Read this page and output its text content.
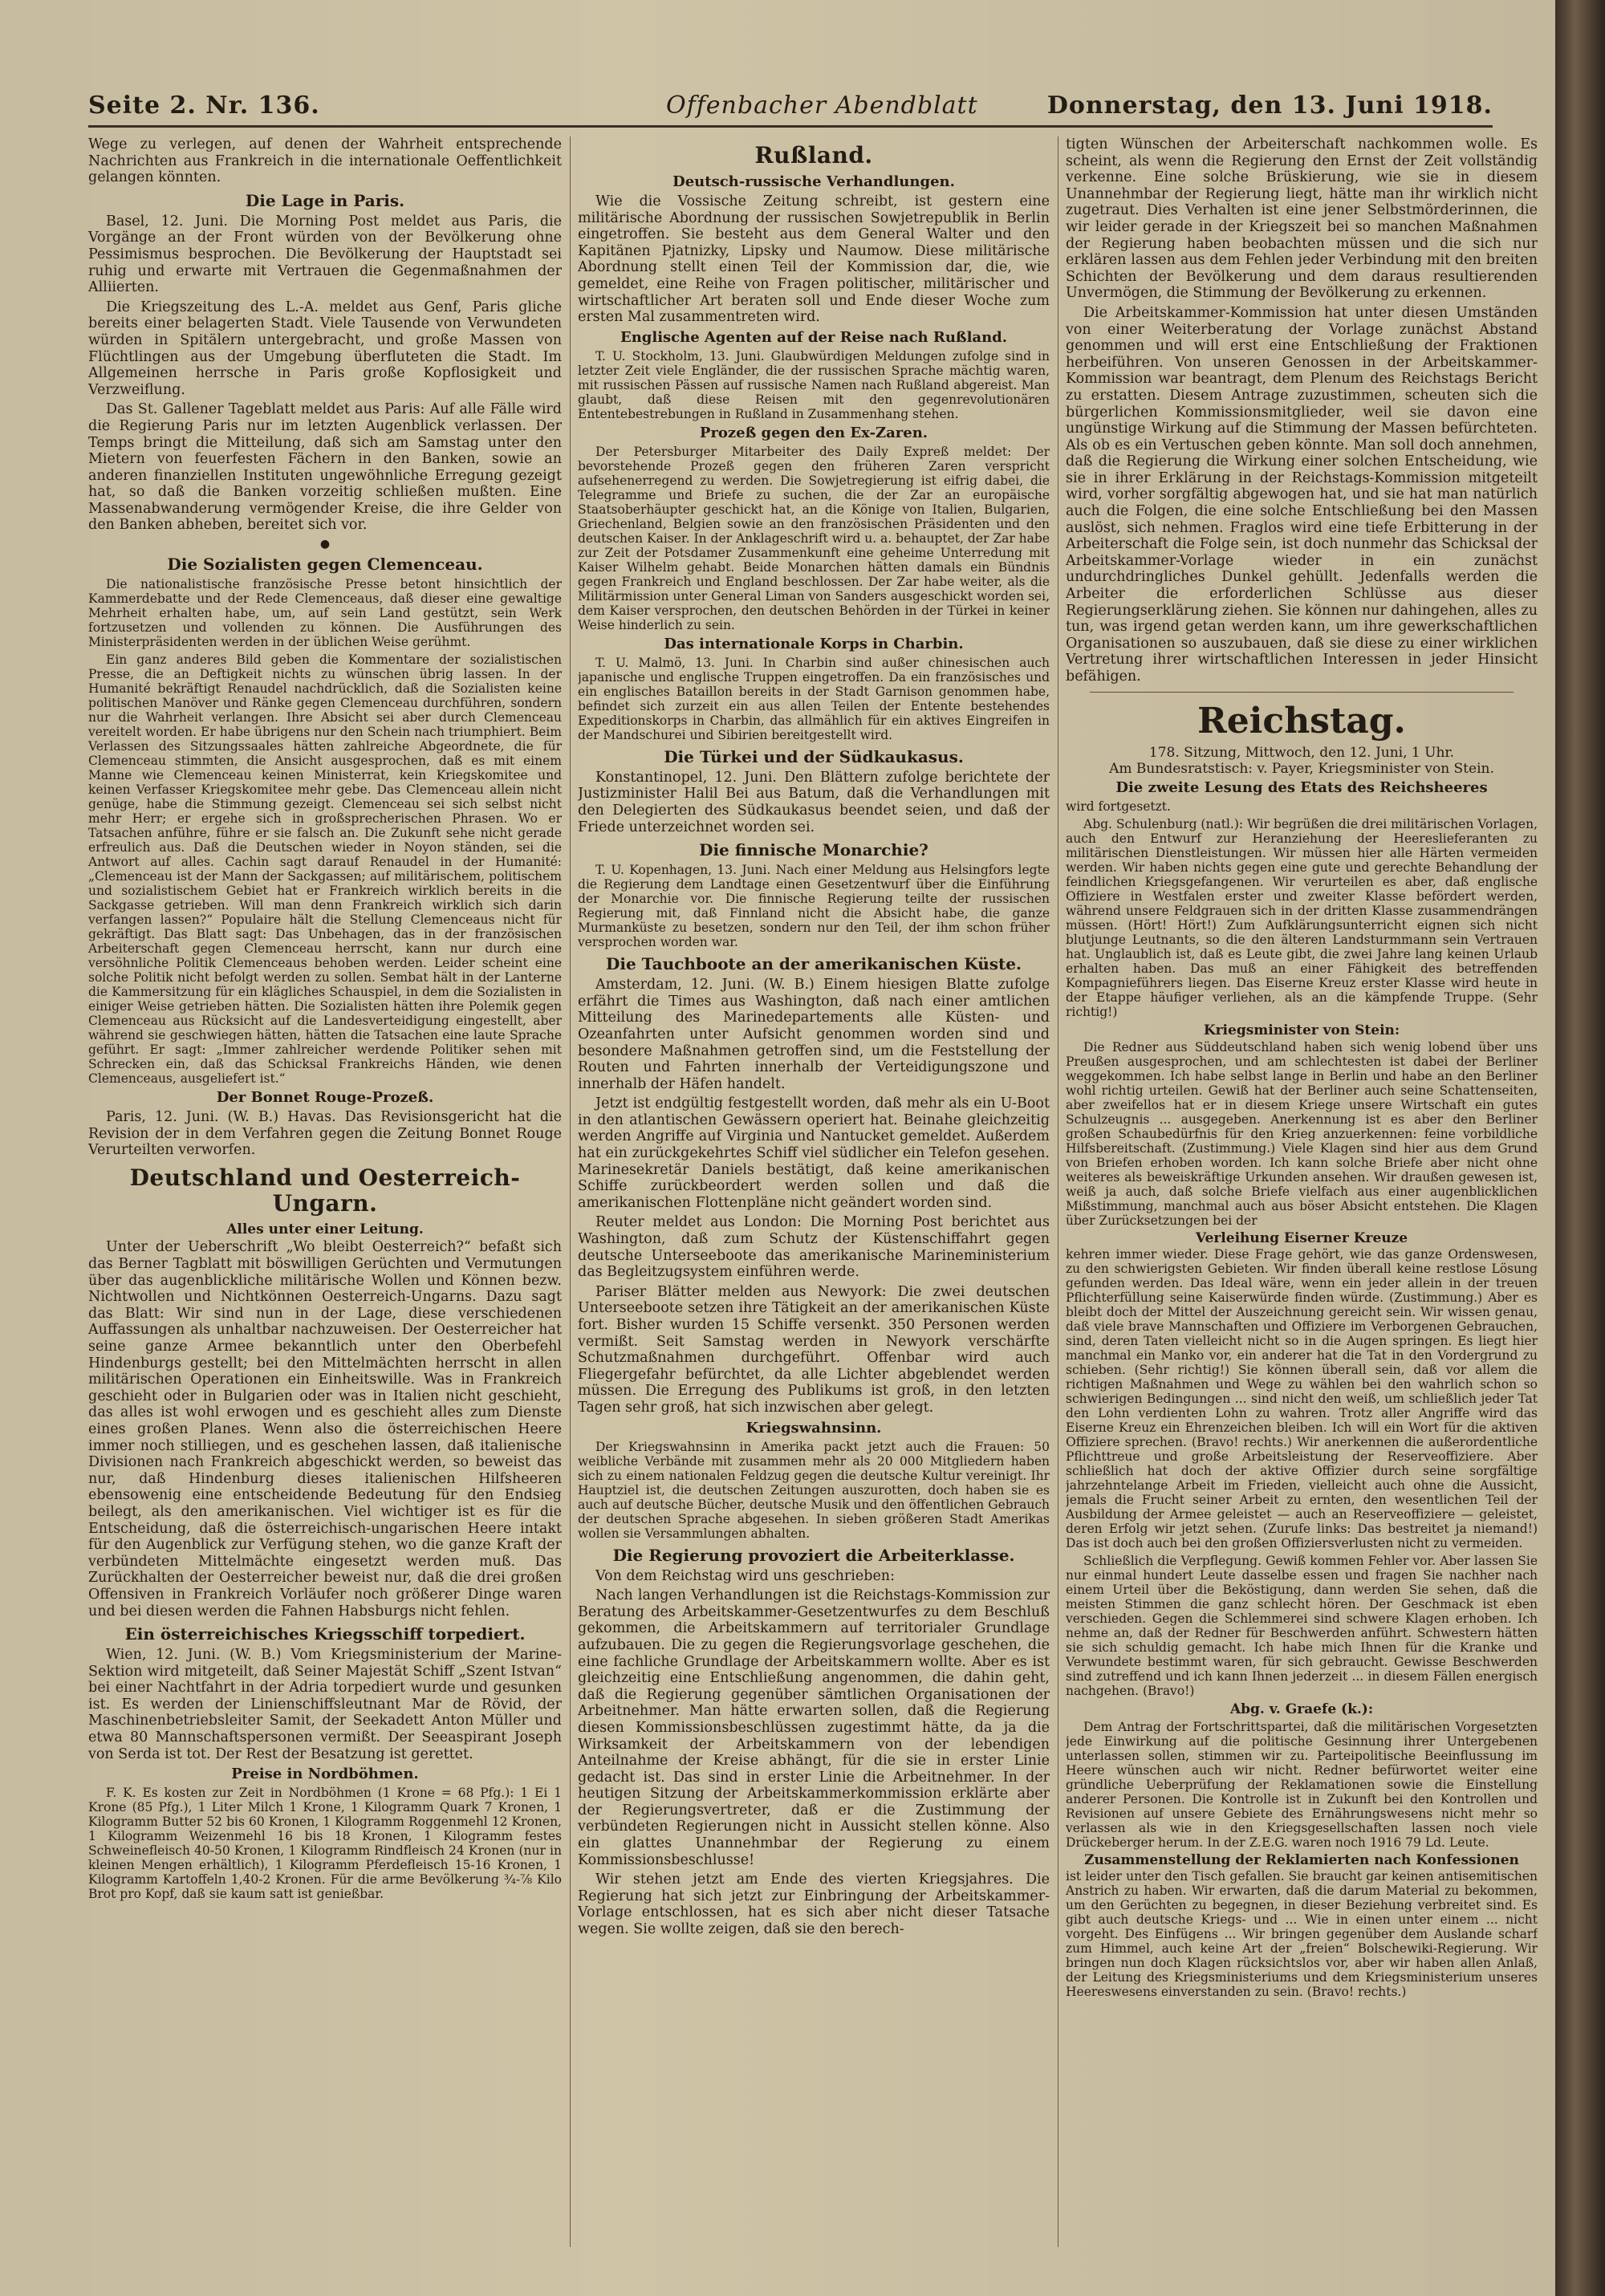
Seite 2. Nr. 136.	Offenbacher Abendblatt	Donnerstag, den 13. Juni 1918.

Wege zu verlegen, auf denen der Wahrheit entsprechende Nachrichten aus Frankreich in die internationale Oeffentlichkeit gelangen könnten.

Die Lage in Paris.

Basel, 12. Juni. Die Morning Post meldet aus Paris, die Vorgänge an der Front würden von der Bevölkerung ohne Pessimismus besprochen. Die Bevölkerung der Hauptstadt sei ruhig und erwarte mit Vertrauen die Gegenmaßnahmen der Alliierten.

Die Kriegszeitung des L.-A. meldet aus Genf, Paris gliche bereits einer belagerten Stadt. Viele Tausende von Verwundeten würden in Spitälern untergebracht, und große Massen von Flüchtlingen aus der Umgebung überfluteten die Stadt. Im Allgemeinen herrsche in Paris große Kopflosigkeit und Verzweiflung.

Das St. Gallener Tageblatt meldet aus Paris: Auf alle Fälle wird die Regierung Paris nur im letzten Augenblick verlassen. Der Temps bringt die Mitteilung, daß sich am Samstag unter den Mietern von feuerfesten Fächern in den Banken, sowie an anderen finanziellen Instituten ungewöhnliche Erregung gezeigt hat, so daß die Banken vorzeitig schließen mußten. Eine Massenabwanderung vermögender Kreise, die ihre Gelder von den Banken abheben, bereitet sich vor.

●
Die Sozialisten gegen Clemenceau.

Die nationalistische französische Presse betont hinsichtlich der Kammerdebatte und der Rede Clemenceaus, daß dieser eine gewaltige Mehrheit erhalten habe, um, auf sein Land gestützt, sein Werk fortzusetzen und vollenden zu können. Die Ausführungen des Ministerpräsidenten werden in der üblichen Weise gerühmt.

Ein ganz anderes Bild geben die Kommentare der sozialistischen Presse, die an Deftigkeit nichts zu wünschen übrig lassen. In der Humanité bekräftigt Renaudel nachdrücklich, daß die Sozialisten keine politischen Manöver und Ränke gegen Clemenceau durchführen, sondern nur die Wahrheit verlangen. Ihre Absicht sei aber durch Clemenceau vereitelt worden. Er habe übrigens nur den Schein nach triumphiert. Beim Verlassen des Sitzungssaales hätten zahlreiche Abgeordnete, die für Clemenceau stimmten, die Ansicht ausgesprochen, daß es mit einem Manne wie Clemenceau keinen Ministerrat, kein Kriegskomitee und keinen Verfasser Kriegskomitee mehr gebe. Das Clemenceau allein nicht genüge, habe die Stimmung gezeigt. Clemenceau sei sich selbst nicht mehr Herr; er ergehe sich in großsprecherischen Phrasen. Wo er Tatsachen anführe, führe er sie falsch an. Die Zukunft sehe nicht gerade erfreulich aus. Daß die Deutschen wieder in Noyon ständen, sei die Antwort auf alles. Cachin sagt darauf Renaudel in der Humanité: „Clemenceau ist der Mann der Sackgassen; auf militärischem, politischem und sozialistischem Gebiet hat er Frankreich wirklich bereits in die Sackgasse getrieben. Will man denn Frankreich wirklich sich darin verfangen lassen?“ Populaire hält die Stellung Clemenceaus nicht für gekräftigt. Das Blatt sagt: Das Unbehagen, das in der französischen Arbeiterschaft gegen Clemenceau herrscht, kann nur durch eine versöhnliche Politik Clemenceaus behoben werden. Leider scheint eine solche Politik nicht befolgt werden zu sollen. Sembat hält in der Lanterne die Kammersitzung für ein klägliches Schauspiel, in dem die Sozialisten in einiger Weise getrieben hätten. Die Sozialisten hätten ihre Polemik gegen Clemenceau aus Rücksicht auf die Landesverteidigung eingestellt, aber während sie geschwiegen hätten, hätten die Tatsachen eine laute Sprache geführt. Er sagt: „Immer zahlreicher werdende Politiker sehen mit Schrecken ein, daß das Schicksal Frankreichs Händen, wie denen Clemenceaus, ausgeliefert ist.“

Der Bonnet Rouge-Prozeß.

Paris, 12. Juni. (W. B.) Havas. Das Revisionsgericht hat die Revision der in dem Verfahren gegen die Zeitung Bonnet Rouge Verurteilten verworfen.

Deutschland und Oesterreich-Ungarn.
Alles unter einer Leitung.

Unter der Ueberschrift „Wo bleibt Oesterreich?“ befaßt sich das Berner Tagblatt mit böswilligen Gerüchten und Vermutungen über das augenblickliche militärische Wollen und Können bezw. Nichtwollen und Nichtkönnen Oesterreich-Ungarns. Dazu sagt das Blatt: Wir sind nun in der Lage, diese verschiedenen Auffassungen als unhaltbar nachzuweisen. Der Oesterreicher hat seine ganze Armee bekanntlich unter den Oberbefehl Hindenburgs gestellt; bei den Mittelmächten herrscht in allen militärischen Operationen ein Einheitswille. Was in Frankreich geschieht oder in Bulgarien oder was in Italien nicht geschieht, das alles ist wohl erwogen und es geschieht alles zum Dienste eines großen Planes. Wenn also die österreichischen Heere immer noch stilliegen, und es geschehen lassen, daß italienische Divisionen nach Frankreich abgeschickt werden, so beweist das nur, daß Hindenburg dieses italienischen Hilfsheeren ebensowenig eine entscheidende Bedeutung für den Endsieg beilegt, als den amerikanischen. Viel wichtiger ist es für die Entscheidung, daß die österreichisch-ungarischen Heere intakt für den Augenblick zur Verfügung stehen, wo die ganze Kraft der verbündeten Mittelmächte eingesetzt werden muß. Das Zurückhalten der Oesterreicher beweist nur, daß die drei großen Offensiven in Frankreich Vorläufer noch größerer Dinge waren und bei diesen werden die Fahnen Habsburgs nicht fehlen.

Ein österreichisches Kriegsschiff torpediert.

Wien, 12. Juni. (W. B.) Vom Kriegsministerium der Marine-Sektion wird mitgeteilt, daß Seiner Majestät Schiff „Szent Istvan“ bei einer Nachtfahrt in der Adria torpediert wurde und gesunken ist. Es werden der Linienschiffsleutnant Mar de Rövid, der Maschinenbetriebsleiter Samit, der Seekadett Anton Müller und etwa 80 Mannschaftspersonen vermißt. Der Seeaspirant Joseph von Serda ist tot. Der Rest der Besatzung ist gerettet.

Preise in Nordböhmen.

F. K. Es kosten zur Zeit in Nordböhmen (1 Krone = 68 Pfg.): 1 Ei 1 Krone (85 Pfg.), 1 Liter Milch 1 Krone, 1 Kilogramm Quark 7 Kronen, 1 Kilogramm Butter 52 bis 60 Kronen, 1 Kilogramm Roggenmehl 12 Kronen, 1 Kilogramm Weizenmehl 16 bis 18 Kronen, 1 Kilogramm festes Schweinefleisch 40-50 Kronen, 1 Kilogramm Rindfleisch 24 Kronen (nur in kleinen Mengen erhältlich), 1 Kilogramm Pferdefleisch 15-16 Kronen, 1 Kilogramm Kartoffeln 1,40-2 Kronen. Für die arme Bevölkerung ¾-⅞ Kilo Brot pro Kopf, daß sie kaum satt ist genießbar.

Rußland.
Deutsch-russische Verhandlungen.

Wie die Vossische Zeitung schreibt, ist gestern eine militärische Abordnung der russischen Sowjetrepublik in Berlin eingetroffen. Sie besteht aus dem General Walter und den Kapitänen Pjatnizky, Lipsky und Naumow. Diese militärische Abordnung stellt einen Teil der Kommission dar, die, wie gemeldet, eine Reihe von Fragen politischer, militärischer und wirtschaftlicher Art beraten soll und Ende dieser Woche zum ersten Mal zusammentreten wird.

Englische Agenten auf der Reise nach Rußland.

T. U. Stockholm, 13. Juni. Glaubwürdigen Meldungen zufolge sind in letzter Zeit viele Engländer, die der russischen Sprache mächtig waren, mit russischen Pässen auf russische Namen nach Rußland abgereist. Man glaubt, daß diese Reisen mit den gegenrevolutionären Ententebestrebungen in Rußland in Zusammenhang stehen.

Prozeß gegen den Ex-Zaren.

Der Petersburger Mitarbeiter des Daily Expreß meldet: Der bevorstehende Prozeß gegen den früheren Zaren verspricht aufsehenerregend zu werden. Die Sowjetregierung ist eifrig dabei, die Telegramme und Briefe zu suchen, die der Zar an europäische Staatsoberhäupter geschickt hat, an die Könige von Italien, Bulgarien, Griechenland, Belgien sowie an den französischen Präsidenten und den deutschen Kaiser. In der Anklageschrift wird u. a. behauptet, der Zar habe zur Zeit der Potsdamer Zusammenkunft eine geheime Unterredung mit Kaiser Wilhelm gehabt. Beide Monarchen hätten damals ein Bündnis gegen Frankreich und England beschlossen. Der Zar habe weiter, als die Militärmission unter General Liman von Sanders ausgeschickt worden sei, dem Kaiser versprochen, den deutschen Behörden in der Türkei in keiner Weise hinderlich zu sein.

Das internationale Korps in Charbin.

T. U. Malmö, 13. Juni. In Charbin sind außer chinesischen auch japanische und englische Truppen eingetroffen. Da ein französisches und ein englisches Bataillon bereits in der Stadt Garnison genommen habe, befindet sich zurzeit ein aus allen Teilen der Entente bestehendes Expeditionskorps in Charbin, das allmählich für ein aktives Eingreifen in der Mandschurei und Sibirien bereitgestellt wird.

Die Türkei und der Südkaukasus.

Konstantinopel, 12. Juni. Den Blättern zufolge berichtete der Justizminister Halil Bei aus Batum, daß die Verhandlungen mit den Delegierten des Südkaukasus beendet seien, und daß der Friede unterzeichnet worden sei.

Die finnische Monarchie?

T. U. Kopenhagen, 13. Juni. Nach einer Meldung aus Helsingfors legte die Regierung dem Landtage einen Gesetzentwurf über die Einführung der Monarchie vor. Die finnische Regierung teilte der russischen Regierung mit, daß Finnland nicht die Absicht habe, die ganze Murmanküste zu besetzen, sondern nur den Teil, der ihm schon früher versprochen worden war.

Die Tauchboote an der amerikanischen Küste.

Amsterdam, 12. Juni. (W. B.) Einem hiesigen Blatte zufolge erfährt die Times aus Washington, daß nach einer amtlichen Mitteilung des Marinedepartements alle Küsten- und Ozeanfahrten unter Aufsicht genommen worden sind und besondere Maßnahmen getroffen sind, um die Feststellung der Routen und Fahrten innerhalb der Verteidigungszone und innerhalb der Häfen handelt.

Jetzt ist endgültig festgestellt worden, daß mehr als ein U-Boot in den atlantischen Gewässern operiert hat. Beinahe gleichzeitig werden Angriffe auf Virginia und Nantucket gemeldet. Außerdem hat ein zurückgekehrtes Schiff viel südlicher ein Telefon gesehen. Marinesekretär Daniels bestätigt, daß keine amerikanischen Schiffe zurückbeordert werden sollen und daß die amerikanischen Flottenpläne nicht geändert worden sind.

Reuter meldet aus London: Die Morning Post berichtet aus Washington, daß zum Schutz der Küstenschiffahrt gegen deutsche Unterseeboote das amerikanische Marineministerium das Begleitzugsystem einführen werde.

Pariser Blätter melden aus Newyork: Die zwei deutschen Unterseeboote setzen ihre Tätigkeit an der amerikanischen Küste fort. Bisher wurden 15 Schiffe versenkt. 350 Personen werden vermißt. Seit Samstag werden in Newyork verschärfte Schutzmaßnahmen durchgeführt. Offenbar wird auch Fliegergefahr befürchtet, da alle Lichter abgeblendet werden müssen. Die Erregung des Publikums ist groß, in den letzten Tagen sehr groß, hat sich inzwischen aber gelegt.

Kriegswahnsinn.

Der Kriegswahnsinn in Amerika packt jetzt auch die Frauen: 50 weibliche Verbände mit zusammen mehr als 20 000 Mitgliedern haben sich zu einem nationalen Feldzug gegen die deutsche Kultur vereinigt. Ihr Hauptziel ist, die deutschen Zeitungen auszurotten, doch haben sie es auch auf deutsche Bücher, deutsche Musik und den öffentlichen Gebrauch der deutschen Sprache abgesehen. In sieben größeren Stadt Amerikas wollen sie Versammlungen abhalten.

Die Regierung provoziert die Arbeiterklasse.

Von dem Reichstag wird uns geschrieben:

Nach langen Verhandlungen ist die Reichstags-Kommission zur Beratung des Arbeitskammer-Gesetzentwurfes zu dem Beschluß gekommen, die Arbeitskammern auf territorialer Grundlage aufzubauen. Die zu gegen die Regierungsvorlage geschehen, die eine fachliche Grundlage der Arbeitskammern wollte. Aber es ist gleichzeitig eine Entschließung angenommen, die dahin geht, daß die Regierung gegenüber sämtlichen Organisationen der Arbeitnehmer. Man hätte erwarten sollen, daß die Regierung diesen Kommissionsbeschlüssen zugestimmt hätte, da ja die Wirksamkeit der Arbeitskammern von der lebendigen Anteilnahme der Kreise abhängt, für die sie in erster Linie gedacht ist. Das sind in erster Linie die Arbeitnehmer. In der heutigen Sitzung der Arbeitskammerkommission erklärte aber der Regierungsvertreter, daß er die Zustimmung der verbündeten Regierungen nicht in Aussicht stellen könne. Also ein glattes Unannehmbar der Regierung zu einem Kommissionsbeschlusse!

Wir stehen jetzt am Ende des vierten Kriegsjahres. Die Regierung hat sich jetzt zur Einbringung der Arbeitskammer-Vorlage entschlossen, hat es sich aber nicht dieser Tatsache wegen. Sie wollte zeigen, daß sie den berech-

tigten Wünschen der Arbeiterschaft nachkommen wolle. Es scheint, als wenn die Regierung den Ernst der Zeit vollständig verkenne. Eine solche Brüskierung, wie sie in diesem Unannehmbar der Regierung liegt, hätte man ihr wirklich nicht zugetraut. Dies Verhalten ist eine jener Selbstmörderinnen, die wir leider gerade in der Kriegszeit bei so manchen Maßnahmen der Regierung haben beobachten müssen und die sich nur erklären lassen aus dem Fehlen jeder Verbindung mit den breiten Schichten der Bevölkerung und dem daraus resultierenden Unvermögen, die Stimmung der Bevölkerung zu erkennen.

Die Arbeitskammer-Kommission hat unter diesen Umständen von einer Weiterberatung der Vorlage zunächst Abstand genommen und will erst eine Entschließung der Fraktionen herbeiführen. Von unseren Genossen in der Arbeitskammer-Kommission war beantragt, dem Plenum des Reichstags Bericht zu erstatten. Diesem Antrage zuzustimmen, scheuten sich die bürgerlichen Kommissionsmitglieder, weil sie davon eine ungünstige Wirkung auf die Stimmung der Massen befürchteten. Als ob es ein Vertuschen geben könnte. Man soll doch annehmen, daß die Regierung die Wirkung einer solchen Entscheidung, wie sie in ihrer Erklärung in der Reichstags-Kommission mitgeteilt wird, vorher sorgfältig abgewogen hat, und sie hat man natürlich auch die Folgen, die eine solche Entschließung bei den Massen auslöst, sich nehmen. Fraglos wird eine tiefe Erbitterung in der Arbeiterschaft die Folge sein, ist doch nunmehr das Schicksal der Arbeitskammer-Vorlage wieder in ein zunächst undurchdringliches Dunkel gehüllt. Jedenfalls werden die Arbeiter die erforderlichen Schlüsse aus dieser Regierungserklärung ziehen. Sie können nur dahingehen, alles zu tun, was irgend getan werden kann, um ihre gewerkschaftlichen Organisationen so auszubauen, daß sie diese zu einer wirklichen Vertretung ihrer wirtschaftlichen Interessen in jeder Hinsicht befähigen.

Reichstag.
178. Sitzung, Mittwoch, den 12. Juni, 1 Uhr.
Am Bundesratstisch: v. Payer, Kriegsminister von Stein.
Die zweite Lesung des Etats des Reichsheeres

wird fortgesetzt.

Abg. Schulenburg (natl.): Wir begrüßen die drei militärischen Vorlagen, auch den Entwurf zur Heranziehung der Heereslieferanten zu militärischen Dienstleistungen. Wir müssen hier alle Härten vermeiden werden. Wir haben nichts gegen eine gute und gerechte Behandlung der feindlichen Kriegsgefangenen. Wir verurteilen es aber, daß englische Offiziere in Westfalen erster und zweiter Klasse befördert werden, während unsere Feldgrauen sich in der dritten Klasse zusammendrängen müssen. (Hört! Hört!) Zum Aufklärungsunterricht eignen sich nicht blutjunge Leutnants, so die den älteren Landsturmmann sein Vertrauen hat. Unglaublich ist, daß es Leute gibt, die zwei Jahre lang keinen Urlaub erhalten haben. Das muß an einer Fähigkeit des betreffenden Kompagnieführers liegen. Das Eiserne Kreuz erster Klasse wird heute in der Etappe häufiger verliehen, als an die kämpfende Truppe. (Sehr richtig!)

Kriegsminister von Stein:

Die Redner aus Süddeutschland haben sich wenig lobend über uns Preußen ausgesprochen, und am schlechtesten ist dabei der Berliner weggekommen. Ich habe selbst lange in Berlin und habe an den Berliner wohl richtig urteilen. Gewiß hat der Berliner auch seine Schattenseiten, aber zweifellos hat er in diesem Kriege unsere Wirtschaft ein gutes Schulzeugnis ... ausgegeben. Anerkennung ist es aber den Berliner großen Schaubedürfnis für den Krieg anzuerkennen: feine vorbildliche Hilfsbereitschaft. (Zustimmung.) Viele Klagen sind hier aus dem Grund von Briefen erhoben worden. Ich kann solche Briefe aber nicht ohne weiteres als beweiskräftige Urkunden ansehen. Wir draußen gewesen ist, weiß ja auch, daß solche Briefe vielfach aus einer augenblicklichen Mißstimmung, manchmal auch aus böser Absicht entstehen. Die Klagen über Zurücksetzungen bei der

Verleihung Eiserner Kreuze

kehren immer wieder. Diese Frage gehört, wie das ganze Ordenswesen, zu den schwierigsten Gebieten. Wir finden überall keine restlose Lösung gefunden werden. Das Ideal wäre, wenn ein jeder allein in der treuen Pflichterfüllung seine Kaiserwürde finden würde. (Zustimmung.) Aber es bleibt doch der Mittel der Auszeichnung gereicht sein. Wir wissen genau, daß viele brave Mannschaften und Offiziere im Verborgenen Gebrauchen, sind, deren Taten vielleicht nicht so in die Augen springen. Es liegt hier manchmal ein Manko vor, ein anderer hat die Tat in den Vordergrund zu schieben. (Sehr richtig!) Sie können überall sein, daß vor allem die richtigen Maßnahmen und Wege zu wählen bei den wahrlich schon so schwierigen Bedingungen ... sind nicht den weiß, um schließlich jeder Tat den Lohn verdienten Lohn zu wahren. Trotz aller Angriffe wird das Eiserne Kreuz ein Ehrenzeichen bleiben. Ich will ein Wort für die aktiven Offiziere sprechen. (Bravo! rechts.) Wir anerkennen die außerordentliche Pflichttreue und große Arbeitsleistung der Reserveoffiziere. Aber schließlich hat doch der aktive Offizier durch seine sorgfältige jahrzehntelange Arbeit im Frieden, vielleicht auch ohne die Aussicht, jemals die Frucht seiner Arbeit zu ernten, den wesentlichen Teil der Ausbildung der Armee geleistet — auch an Reserveoffiziere — geleistet, deren Erfolg wir jetzt sehen. (Zurufe links: Das bestreitet ja niemand!) Das ist doch auch bei den großen Offiziersverlusten nicht zu vermeiden.

Schließlich die Verpflegung. Gewiß kommen Fehler vor. Aber lassen Sie nur einmal hundert Leute dasselbe essen und fragen Sie nachher nach einem Urteil über die Beköstigung, dann werden Sie sehen, daß die meisten Stimmen die ganz schlecht hören. Der Geschmack ist eben verschieden. Gegen die Schlemmerei sind schwere Klagen erhoben. Ich nehme an, daß der Redner für Beschwerden anführt. Schwestern hätten sie sich schuldig gemacht. Ich habe mich Ihnen für die Kranke und Verwundete bestimmt waren, für sich gebraucht. Gewisse Beschwerden sind zutreffend und ich kann Ihnen jederzeit ... in diesem Fällen energisch nachgehen. (Bravo!)

Abg. v. Graefe (k.):

Dem Antrag der Fortschrittspartei, daß die militärischen Vorgesetzten jede Einwirkung auf die politische Gesinnung ihrer Untergebenen unterlassen sollen, stimmen wir zu. Parteipolitische Beeinflussung im Heere wünschen auch wir nicht. Redner befürwortet weiter eine gründliche Ueberprüfung der Reklamationen sowie die Einstellung anderer Personen. Die Kontrolle ist in Zukunft bei den Kontrollen und Revisionen auf unsere Gebiete des Ernährungswesens nicht mehr so verlassen als wie in den Kriegsgesellschaften lassen noch viele Drückeberger herum. In der Z.E.G. waren noch 1916 79 Ld. Leute.

Zusammenstellung der Reklamierten nach Konfessionen

ist leider unter den Tisch gefallen. Sie braucht gar keinen antisemitischen Anstrich zu haben. Wir erwarten, daß die darum Material zu bekommen, um den Gerüchten zu begegnen, in dieser Beziehung verbreitet sind. Es gibt auch deutsche Kriegs- und ... Wie in einen unter einem ... nicht vorgeht. Des Einfügens ... Wir bringen gegenüber dem Auslande scharf zum Himmel, auch keine Art der „freien“ Bolschewiki-Regierung. Wir bringen nun doch Klagen rücksichtslos vor, aber wir haben allen Anlaß, der Leitung des Kriegsministeriums und dem Kriegsministerium unseres Heereswesens einverstanden zu sein. (Bravo! rechts.)
